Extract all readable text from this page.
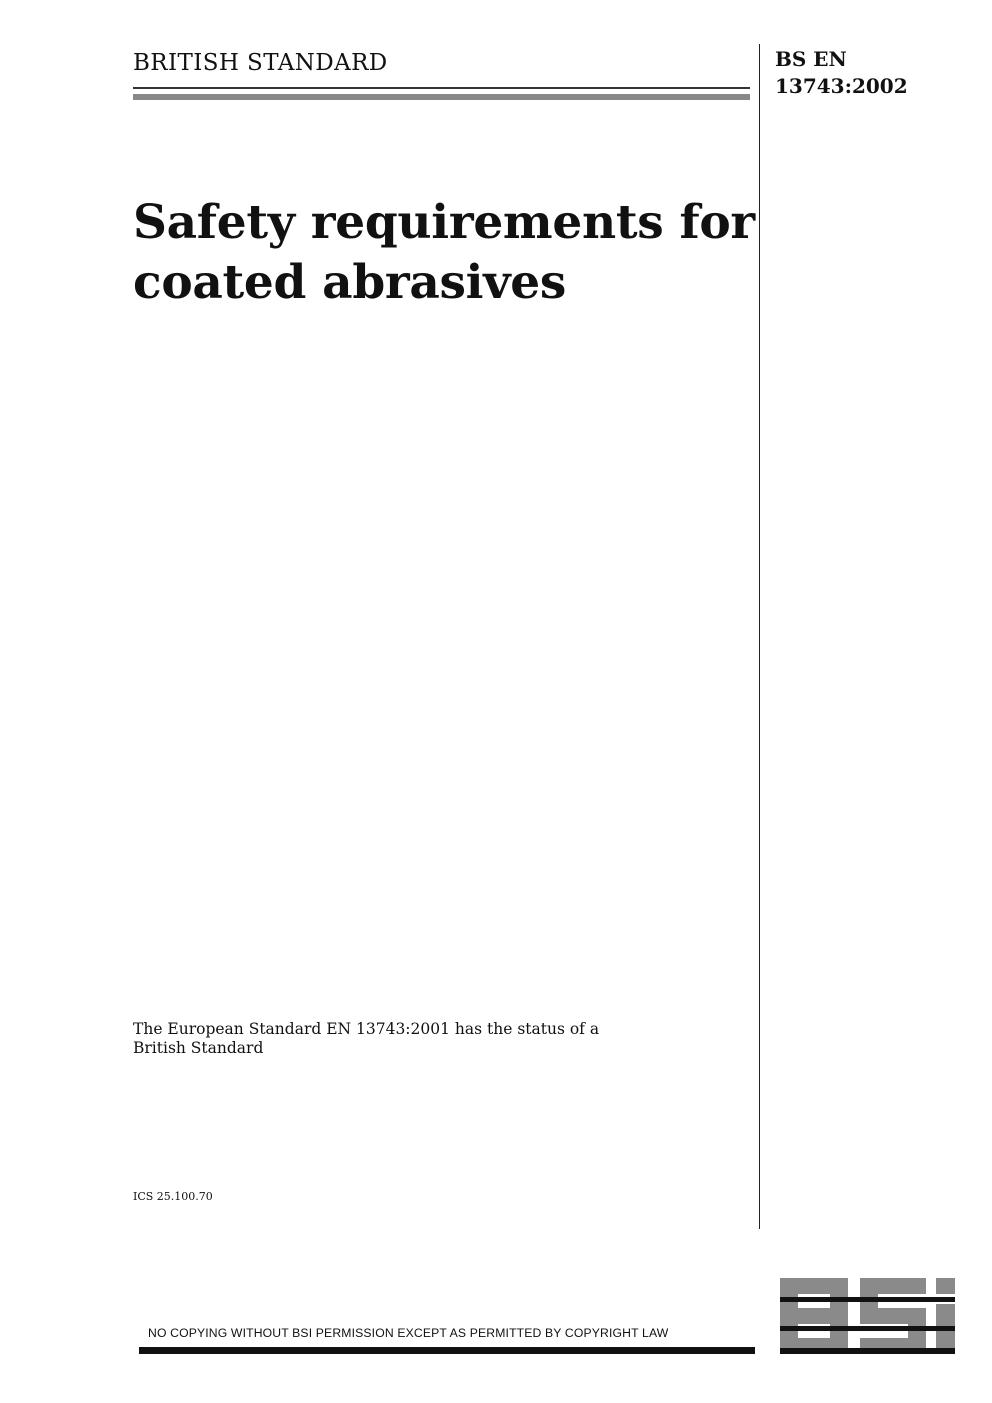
BRITISH STANDARD	BS EN
13743:2002
Safety requirements for
coated abrasives
The European Standard EN 13743:2001 has the status of a
British Standard
ICS 25.100.70
NO COPYING WITHOUT BSI PERMISSION EXCEPT AS PERMITTED BY COPYRIGHT LAW
